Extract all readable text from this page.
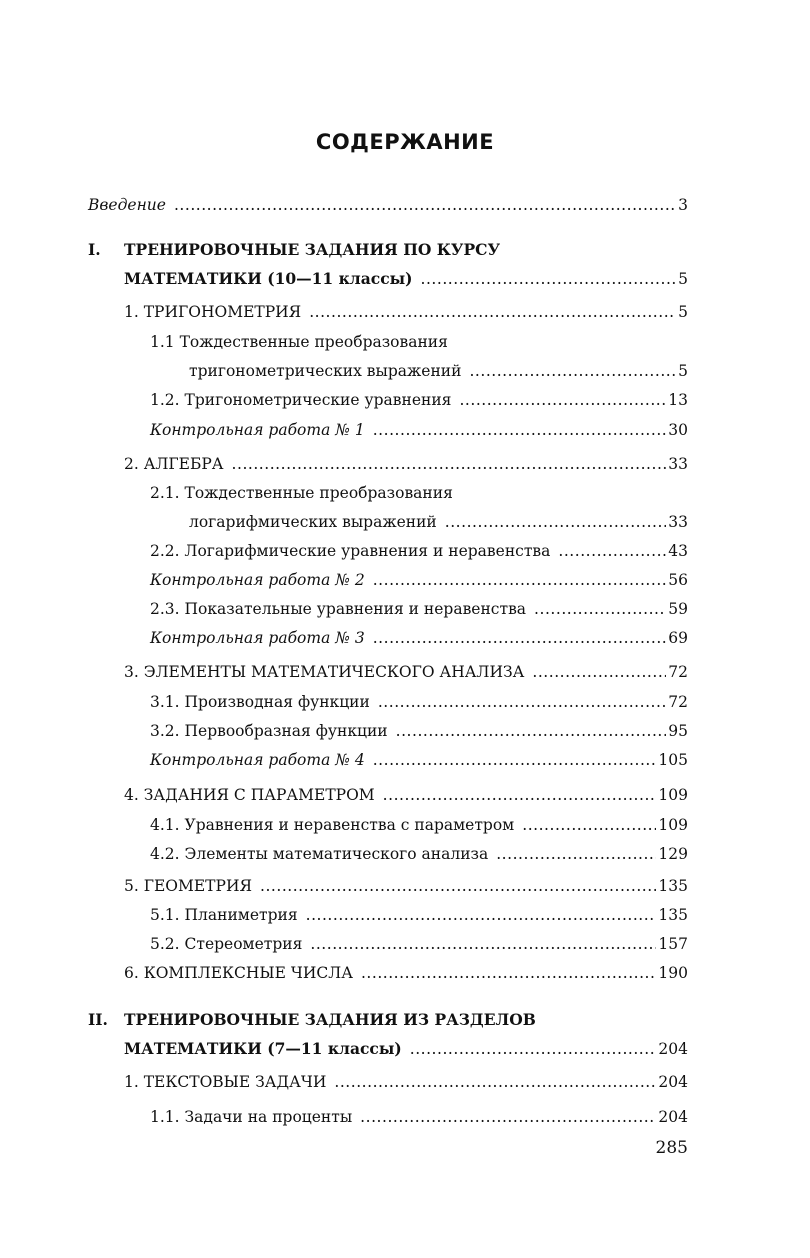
СОДЕРЖАНИЕ
Введение . . .	3
I. ТРЕНИРОВОЧНЫЕ ЗАДАНИЯ ПО КУРСУ
МАТЕМАТИКИ (10—11 классы) . . .	5
1. ТРИГОНОМЕТРИЯ . . .	5
1.1 Тождественные преобразования
тригонометрических выражений . . .	5
1.2. Тригонометрические уравнения . . .	13
Контрольная работа № 1 . . .	30
2. АЛГЕБРА . . .	33
2.1. Тождественные преобразования
логарифмических выражений . . .	33
2.2. Логарифмические уравнения и неравенства . . .	43
Контрольная работа № 2 . . .	56
2.3. Показательные уравнения и неравенства . . .	59
Контрольная работа № 3 . . .	69
3. ЭЛЕМЕНТЫ МАТЕМАТИЧЕСКОГО АНАЛИЗА . . .	72
3.1. Производная функции . . .	72
3.2. Первообразная функции . . .	95
Контрольная работа № 4 . . .	105
4. ЗАДАНИЯ С ПАРАМЕТРОМ . . .	109
4.1. Уравнения и неравенства с параметром . . .	109
4.2. Элементы математического анализа . . .	129
5. ГЕОМЕТРИЯ . . .	135
5.1. Планиметрия . . .	135
5.2. Стереометрия . . .	157
6. КОМПЛЕКСНЫЕ ЧИСЛА . . .	190
II. ТРЕНИРОВОЧНЫЕ ЗАДАНИЯ ИЗ РАЗДЕЛОВ
МАТЕМАТИКИ (7—11 классы) . . .	204
1. ТЕКСТОВЫЕ ЗАДАЧИ . . .	204
1.1. Задачи на проценты . . .	204
285
